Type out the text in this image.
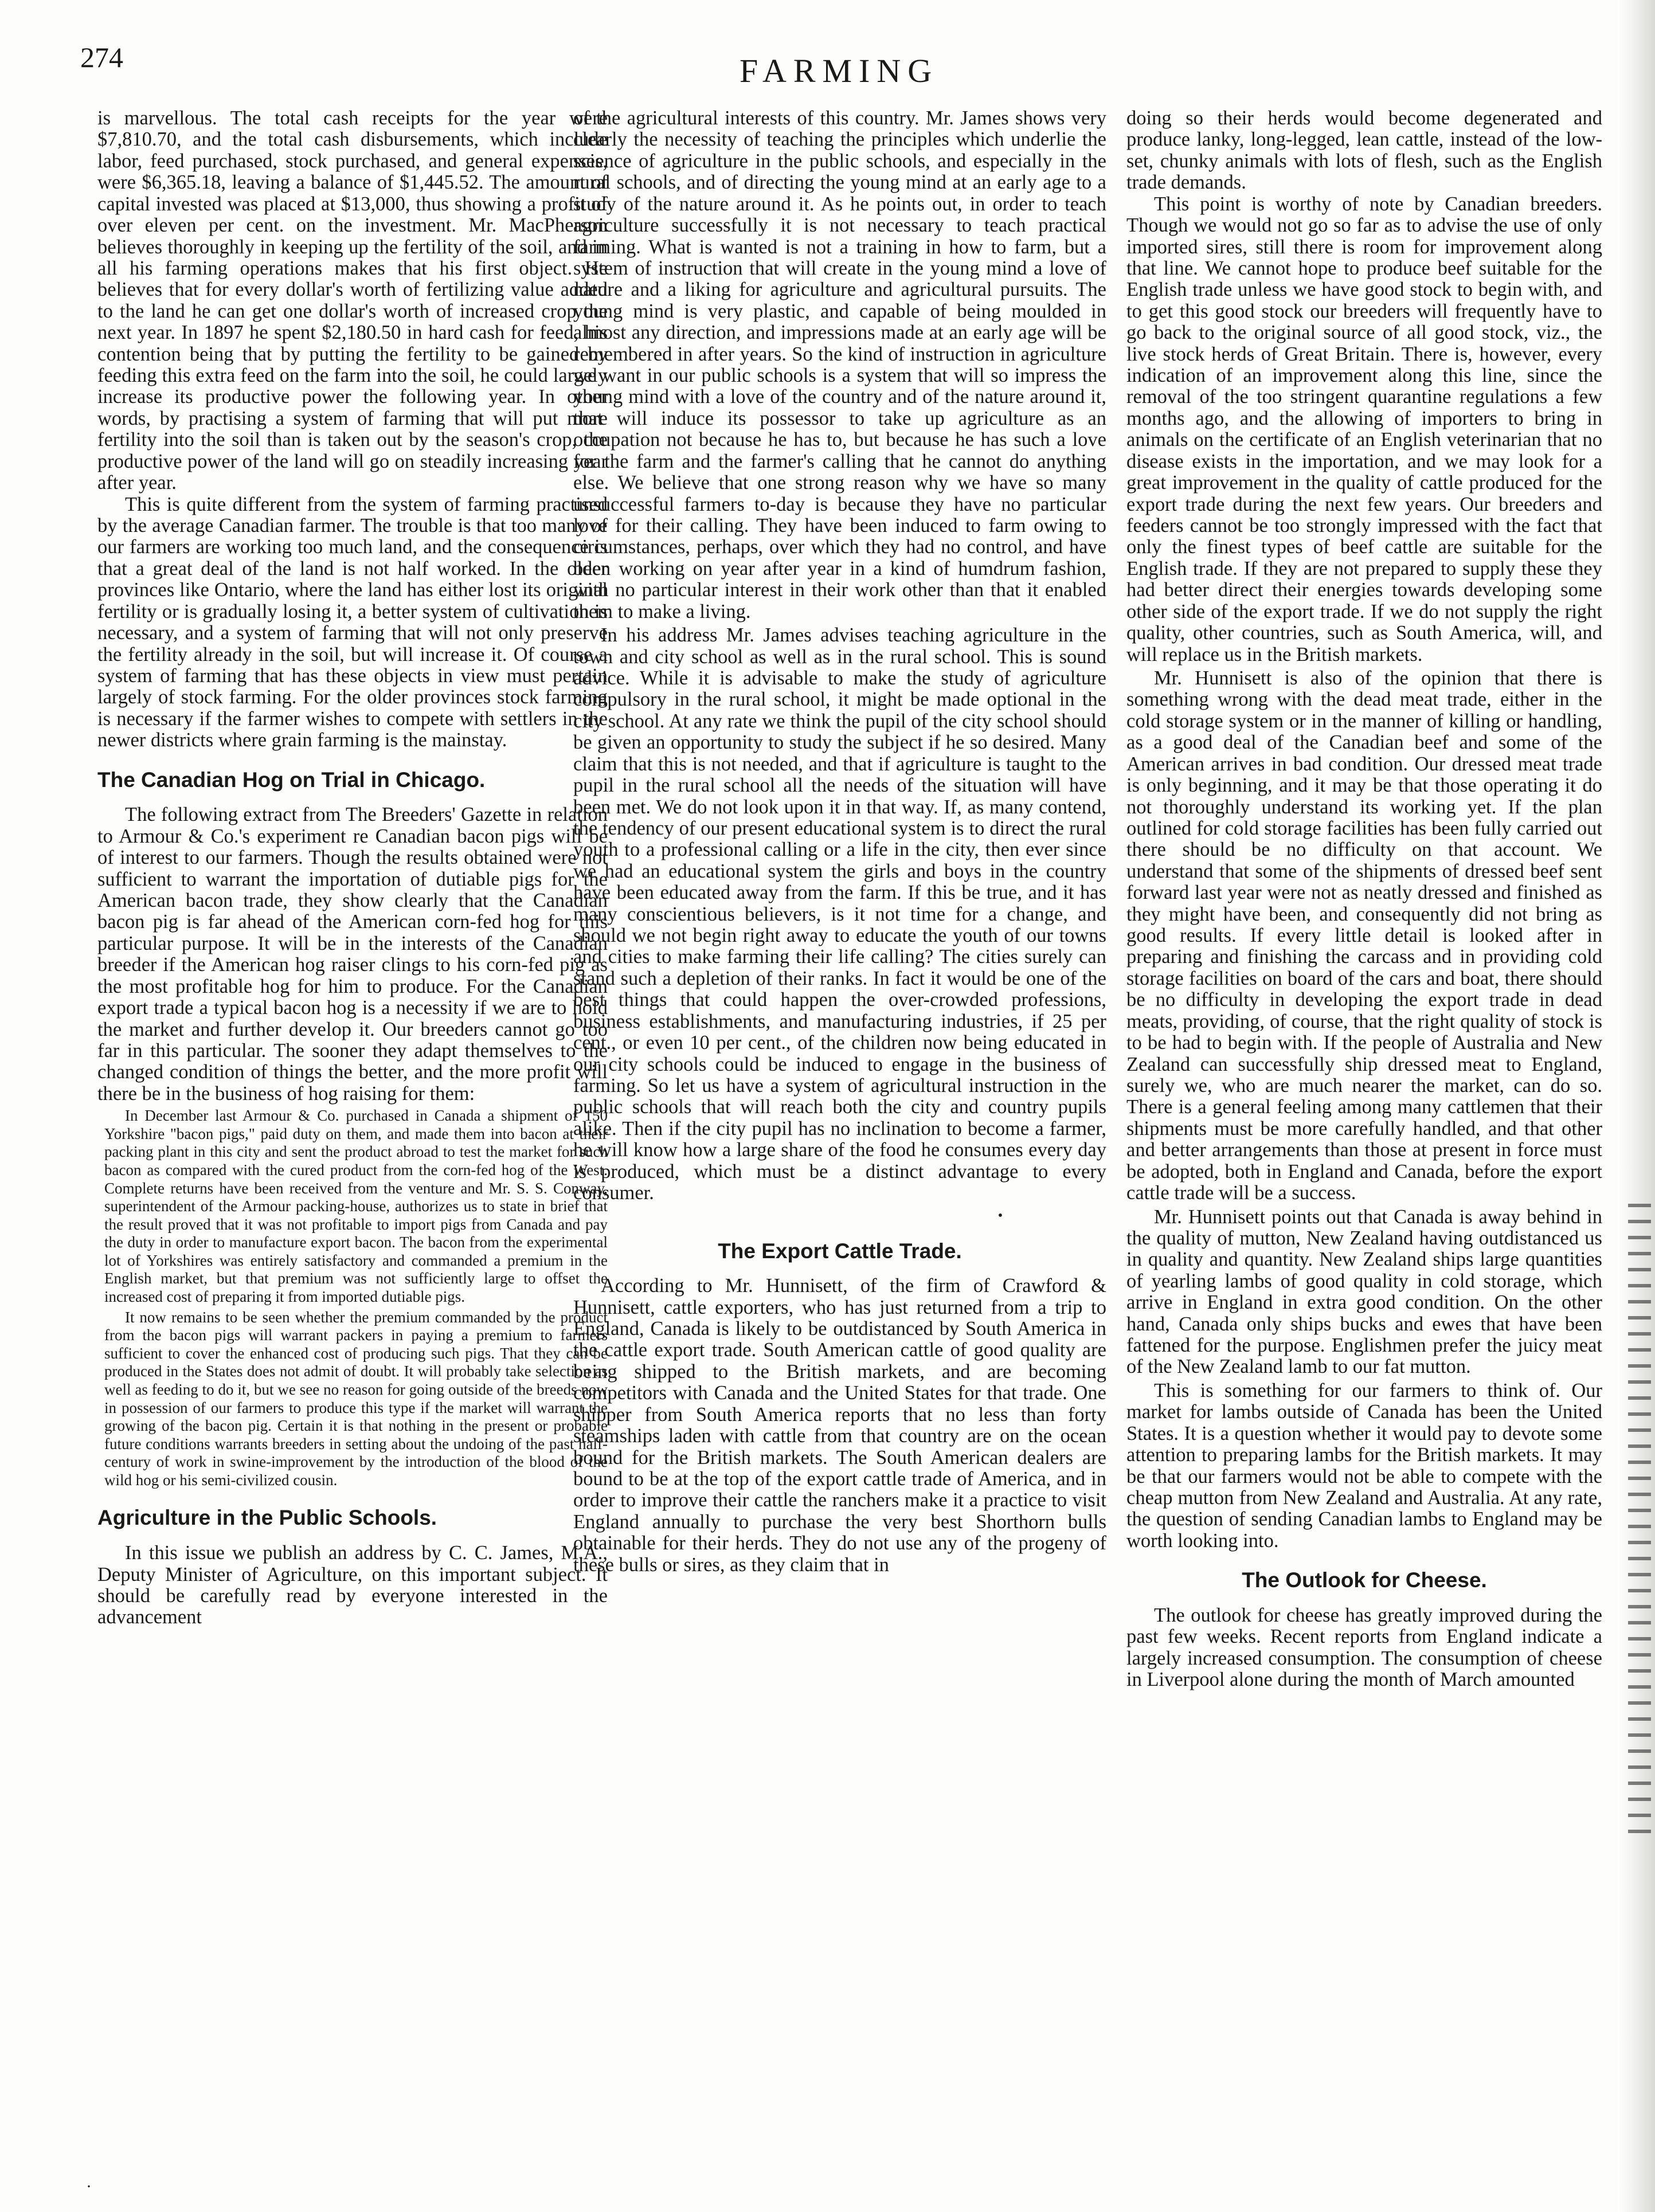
274	FARMING

is marvellous. The total cash receipts for the year were $7,810.70, and the total cash disbursements, which include labor, feed purchased, stock purchased, and general expenses, were $6,365.18, leaving a balance of $1,445.52. The amount of capital invested was placed at $13,000, thus showing a profit of over eleven per cent. on the investment. Mr. MacPherson believes thoroughly in keeping up the fertility of the soil, and in all his farming operations makes that his first object. He believes that for every dollar's worth of fertilizing value added to the land he can get one dollar's worth of increased crop the next year. In 1897 he spent $2,180.50 in hard cash for feed, his contention being that by putting the fertility to be gained by feeding this extra feed on the farm into the soil, he could largely increase its productive power the following year. In other words, by practising a system of farming that will put more fertility into the soil than is taken out by the season's crop, the productive power of the land will go on steadily increasing year after year.

This is quite different from the system of farming practised by the average Canadian farmer. The trouble is that too many of our farmers are working too much land, and the consequence is that a great deal of the land is not half worked. In the older provinces like Ontario, where the land has either lost its original fertility or is gradually losing it, a better system of cultivation is necessary, and a system of farming that will not only preserve the fertility already in the soil, but will increase it. Of course a system of farming that has these objects in view must pertain largely of stock farming. For the older provinces stock farming is necessary if the farmer wishes to compete with settlers in the newer districts where grain farming is the mainstay.

The Canadian Hog on Trial in Chicago.

The following extract from The Breeders' Gazette in relation to Armour & Co.'s experiment re Canadian bacon pigs will be of interest to our farmers. Though the results obtained were not sufficient to warrant the importation of dutiable pigs for the American bacon trade, they show clearly that the Canadian bacon pig is far ahead of the American corn-fed hog for this particular purpose. It will be in the interests of the Canadian breeder if the American hog raiser clings to his corn-fed pig as the most profitable hog for him to produce. For the Canadian export trade a typical bacon hog is a necessity if we are to hold the market and further develop it. Our breeders cannot go too far in this particular. The sooner they adapt themselves to the changed condition of things the better, and the more profit will there be in the business of hog raising for them:

In December last Armour & Co. purchased in Canada a shipment of 150 Yorkshire "bacon pigs," paid duty on them, and made them into bacon at their packing plant in this city and sent the product abroad to test the market for such bacon as compared with the cured product from the corn-fed hog of the West. Complete returns have been received from the venture and Mr. S. S. Conway, superintendent of the Armour packing-house, authorizes us to state in brief that the result proved that it was not profitable to import pigs from Canada and pay the duty in order to manufacture export bacon. The bacon from the experimental lot of Yorkshires was entirely satisfactory and commanded a premium in the English market, but that premium was not sufficiently large to offset the increased cost of preparing it from imported dutiable pigs.

It now remains to be seen whether the premium commanded by the product from the bacon pigs will warrant packers in paying a premium to farmers sufficient to cover the enhanced cost of producing such pigs. That they can be produced in the States does not admit of doubt. It will probably take selection as well as feeding to do it, but we see no reason for going outside of the breeds now in possession of our farmers to produce this type if the market will warrant the growing of the bacon pig. Certain it is that nothing in the present or probable future conditions warrants breeders in setting about the undoing of the past half-century of work in swine-improvement by the introduction of the blood of the wild hog or his semi-civilized cousin.

Agriculture in the Public Schools.

In this issue we publish an address by C. C. James, M.A., Deputy Minister of Agriculture, on this important subject. It should be carefully read by everyone interested in the advancement

of the agricultural interests of this country. Mr. James shows very clearly the necessity of teaching the principles which underlie the science of agriculture in the public schools, and especially in the rural schools, and of directing the young mind at an early age to a study of the nature around it. As he points out, in order to teach agriculture successfully it is not necessary to teach practical farming. What is wanted is not a training in how to farm, but a system of instruction that will create in the young mind a love of nature and a liking for agriculture and agricultural pursuits. The young mind is very plastic, and capable of being moulded in almost any direction, and impressions made at an early age will be remembered in after years. So the kind of instruction in agriculture we want in our public schools is a system that will so impress the young mind with a love of the country and of the nature around it, that will induce its possessor to take up agriculture as an occupation not because he has to, but because he has such a love for the farm and the farmer's calling that he cannot do anything else. We believe that one strong reason why we have so many unsuccessful farmers to-day is because they have no particular love for their calling. They have been induced to farm owing to circumstances, perhaps, over which they had no control, and have been working on year after year in a kind of humdrum fashion, with no particular interest in their work other than that it enabled them to make a living.

In his address Mr. James advises teaching agriculture in the town and city school as well as in the rural school. This is sound advice. While it is advisable to make the study of agriculture compulsory in the rural school, it might be made optional in the city school. At any rate we think the pupil of the city school should be given an opportunity to study the subject if he so desired. Many claim that this is not needed, and that if agriculture is taught to the pupil in the rural school all the needs of the situation will have been met. We do not look upon it in that way. If, as many contend, the tendency of our present educational system is to direct the rural youth to a professional calling or a life in the city, then ever since we had an educational system the girls and boys in the country have been educated away from the farm. If this be true, and it has many conscientious believers, is it not time for a change, and should we not begin right away to educate the youth of our towns and cities to make farming their life calling? The cities surely can stand such a depletion of their ranks. In fact it would be one of the best things that could happen the over-crowded professions, business establishments, and manufacturing industries, if 25 per cent., or even 10 per cent., of the children now being educated in our city schools could be induced to engage in the business of farming. So let us have a system of agricultural instruction in the public schools that will reach both the city and country pupils alike. Then if the city pupil has no inclination to become a farmer, he will know how a large share of the food he consumes every day is produced, which must be a distinct advantage to every consumer.

•
The Export Cattle Trade.

According to Mr. Hunnisett, of the firm of Crawford & Hunnisett, cattle exporters, who has just returned from a trip to England, Canada is likely to be outdistanced by South America in the cattle export trade. South American cattle of good quality are being shipped to the British markets, and are becoming competitors with Canada and the United States for that trade. One shipper from South America reports that no less than forty steamships laden with cattle from that country are on the ocean bound for the British markets. The South American dealers are bound to be at the top of the export cattle trade of America, and in order to improve their cattle the ranchers make it a practice to visit England annually to purchase the very best Shorthorn bulls obtainable for their herds. They do not use any of the progeny of these bulls or sires, as they claim that in

doing so their herds would become degenerated and produce lanky, long-legged, lean cattle, instead of the low-set, chunky animals with lots of flesh, such as the English trade demands.

This point is worthy of note by Canadian breeders. Though we would not go so far as to advise the use of only imported sires, still there is room for improvement along that line. We cannot hope to produce beef suitable for the English trade unless we have good stock to begin with, and to get this good stock our breeders will frequently have to go back to the original source of all good stock, viz., the live stock herds of Great Britain. There is, however, every indication of an improvement along this line, since the removal of the too stringent quarantine regulations a few months ago, and the allowing of importers to bring in animals on the certificate of an English veterinarian that no disease exists in the importation, and we may look for a great improvement in the quality of cattle produced for the export trade during the next few years. Our breeders and feeders cannot be too strongly impressed with the fact that only the finest types of beef cattle are suitable for the English trade. If they are not prepared to supply these they had better direct their energies towards developing some other side of the export trade. If we do not supply the right quality, other countries, such as South America, will, and will replace us in the British markets.

Mr. Hunnisett is also of the opinion that there is something wrong with the dead meat trade, either in the cold storage system or in the manner of killing or handling, as a good deal of the Canadian beef and some of the American arrives in bad condition. Our dressed meat trade is only beginning, and it may be that those operating it do not thoroughly understand its working yet. If the plan outlined for cold storage facilities has been fully carried out there should be no difficulty on that account. We understand that some of the shipments of dressed beef sent forward last year were not as neatly dressed and finished as they might have been, and consequently did not bring as good results. If every little detail is looked after in preparing and finishing the carcass and in providing cold storage facilities on board of the cars and boat, there should be no difficulty in developing the export trade in dead meats, providing, of course, that the right quality of stock is to be had to begin with. If the people of Australia and New Zealand can successfully ship dressed meat to England, surely we, who are much nearer the market, can do so. There is a general feeling among many cattlemen that their shipments must be more carefully handled, and that other and better arrangements than those at present in force must be adopted, both in England and Canada, before the export cattle trade will be a success.

Mr. Hunnisett points out that Canada is away behind in the quality of mutton, New Zealand having outdistanced us in quality and quantity. New Zealand ships large quantities of yearling lambs of good quality in cold storage, which arrive in England in extra good condition. On the other hand, Canada only ships bucks and ewes that have been fattened for the purpose. Englishmen prefer the juicy meat of the New Zealand lamb to our fat mutton.

This is something for our farmers to think of. Our market for lambs outside of Canada has been the United States. It is a question whether it would pay to devote some attention to preparing lambs for the British markets. It may be that our farmers would not be able to compete with the cheap mutton from New Zealand and Australia. At any rate, the question of sending Canadian lambs to England may be worth looking into.

The Outlook for Cheese.

The outlook for cheese has greatly improved during the past few weeks. Recent reports from England indicate a largely increased consumption. The consumption of cheese in Liverpool alone during the month of March amounted

·
